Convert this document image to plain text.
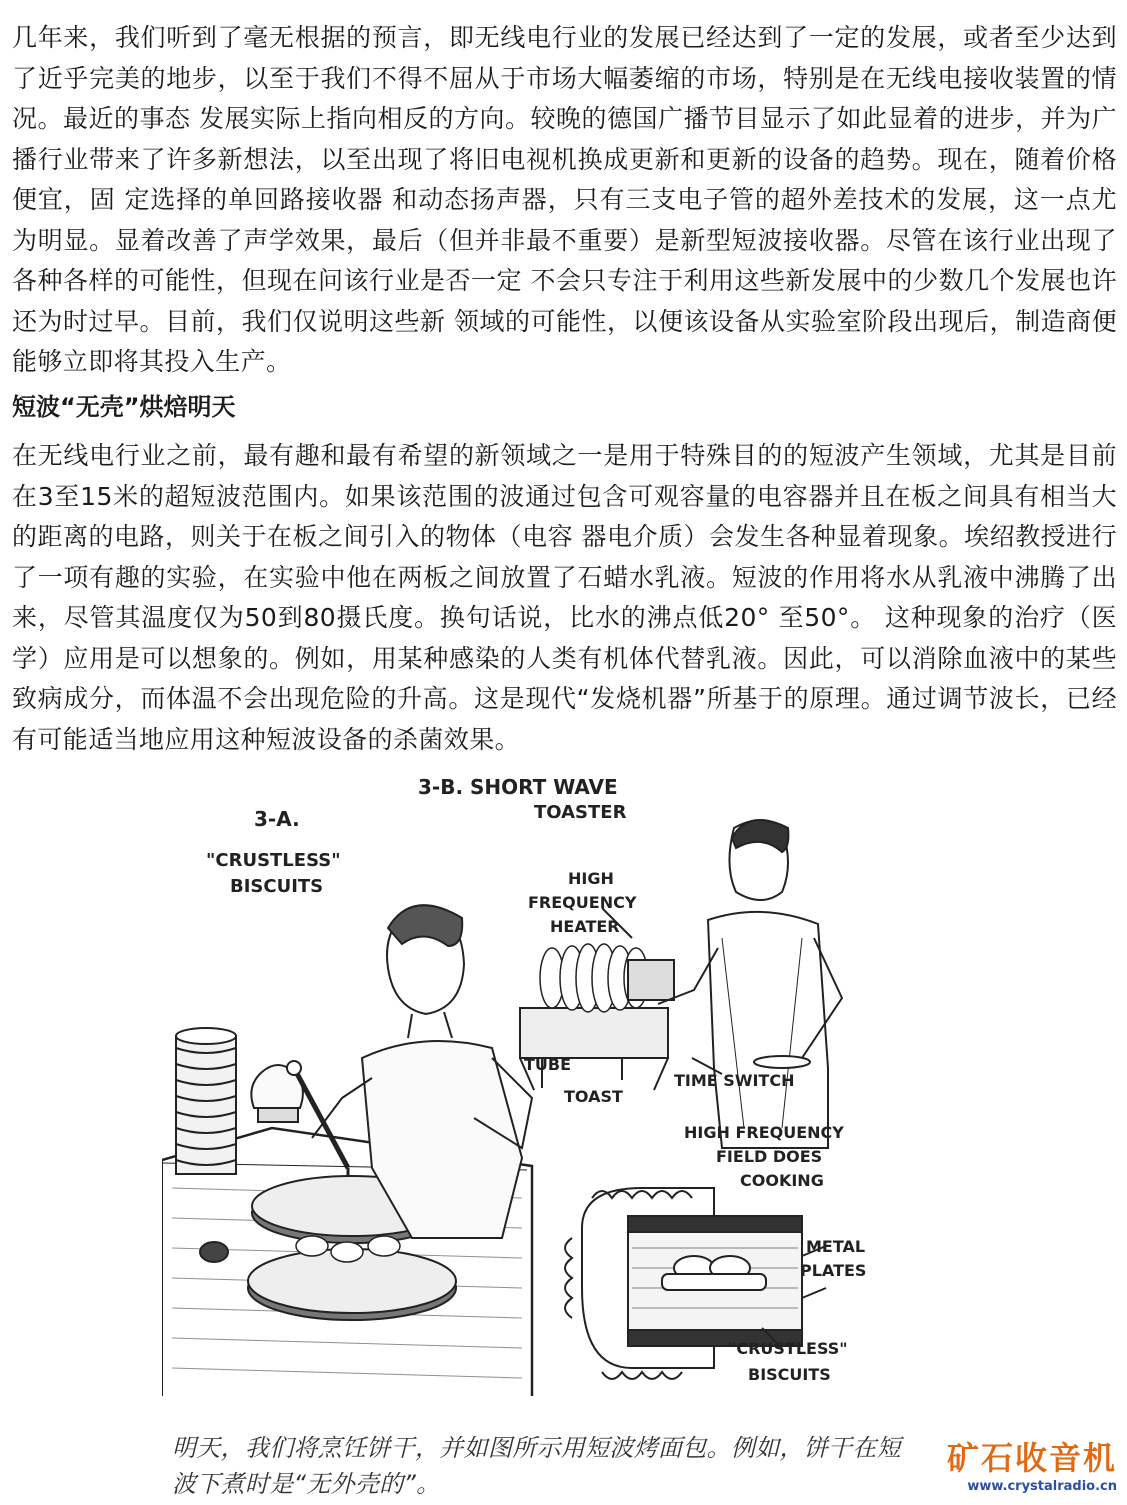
几年来，我们听到了毫无根据的预言，即无线电行业的发展已经达到了一定的发展，或者至少达到了近乎完美的地步，以至于我们不得不屈从于市场大幅萎缩的市场，特别是在无线电接收装置的情况。最近的事态 发展实际上指向相反的方向。较晚的德国广播节目显示了如此显着的进步，并为广播行业带来了许多新想法，以至出现了将旧电视机换成更新和更新的设备的趋势。现在，随着价格便宜，固 定选择的单回路接收器 和动态扬声器，只有三支电子管的超外差技术的发展，这一点尤为明显。显着改善了声学效果，最后（但并非最不重要）是新型短波接收器。尽管在该行业出现了各种各样的可能性，但现在问该行业是否一定 不会只专注于利用这些新发展中的少数几个发展也许还为时过早。目前，我们仅说明这些新 领域的可能性，以便该设备从实验室阶段出现后，制造商便能够立即将其投入生产。

短波“无壳”烘焙明天

在无线电行业之前，最有趣和最有希望的新领域之一是用于特殊目的的短波产生领域，尤其是目前在3至15米的超短波范围内。如果该范围的波通过包含可观容量的电容器并且在板之间具有相当大的距离的电路，则关于在板之间引入的物体（电容 器电介质）会发生各种显着现象。埃绍教授进行了一项有趣的实验，在实验中他在两板之间放置了石蜡水乳液。短波的作用将水从乳液中沸腾了出来，尽管其温度仅为50到80摄氏度。换句话说，比水的沸点低20° 至50°。 这种现象的治疗（医学）应用是可以想象的。例如，用某种感染的人类有机体代替乳液。因此，可以消除血液中的某些致病成分，而体温不会出现危险的升高。这是现代“发烧机器”所基于的原理。通过调节波长，已经有可能适当地应用这种短波设备的杀菌效果。

3-A.
"CRUSTLESS"
BISCUITS
3-B. SHORT WAVE
TOASTER
HIGH
FREQUENCY
HEATER
TUBE
TOAST
TIME SWITCH
HIGH FREQUENCY
FIELD DOES
COOKING
METAL
PLATES
"CRUSTLESS"
BISCUITS

明天，我们将烹饪饼干，并如图所示用短波烤面包。例如，饼干在短波下煮时是“无外壳的”。

矿石收音机
www.crystalradio.cn
